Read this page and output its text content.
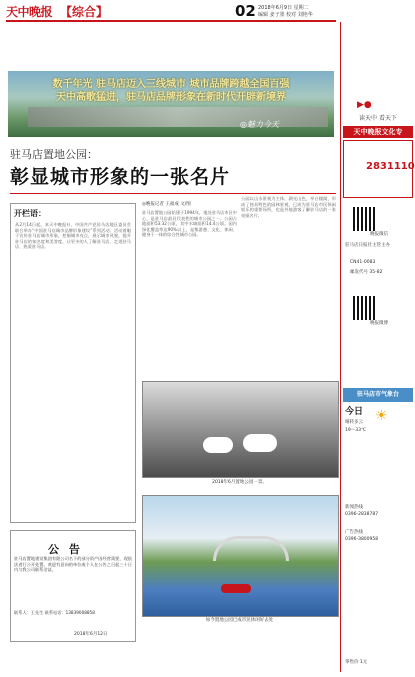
天中晚报 【综合】	02 2018年6月9日 星期二
编辑 姜子墨 校对 刘艳华
数千年光 驻马店迈入三线城市 城市品牌跨越全国百强
天中高歌猛进，驻马店品牌形象在新时代开辟新境界
◎魅力今天
驻马店置地公园：
彰显城市形象的一张名片
开栏语：
从2月14日起，本天中晚报社、中国共产党驻马店地区委员会联合举办“中国驻马店城市品牌形象建设”系列活动。活动着眼于宣传驻马店城市形象，挖掘城市亮点，展示城市风貌，提升驻马店的知名度和美誉度，让更多的人了解驻马店、走进驻马店、热爱驻马店。
◎晚报记者 王福成 文/图
驻马店置地公园始建于1994年，地处驻马店市区中心，是驻马店最具代表性的城市公园之一。公园占地面积53.32公顷，其中水域面积14.4公顷。园内绿化覆盖率达90%以上，是集游憩、文化、休闲、健身于一体的综合性城市公园。
公园以山水景观为主体，湖光山色，亭台楼阁，形成了独具特色的园林景观，已成为驻马店市民休闲娱乐的重要场所，也是外地游客了解驻马店的一张亮丽名片。
2018年6月置地公园一景。
如今置地公园已成市民休闲好去处
公 告
驻马店置地建设集团有限公司名下的部分资产因经营需要，现依法进行公开处置。欢迎有意向的单位或个人在公告之日起三十日内与我公司联系洽谈。
联系人：王先生 联系电话：13839008858
2018年6月12日
▶●
读天中 看天下
天中晚报文化专
2831110
晚报微信
驻马店日报社主管主办
CN41-0083
邮发代号 35-82
晚报微博
驻马店市气象台
今日 ☀
晴转多云
19～33℃
新闻热线
0396-2838787
广告热线
0396-3800958
零售价 1元
